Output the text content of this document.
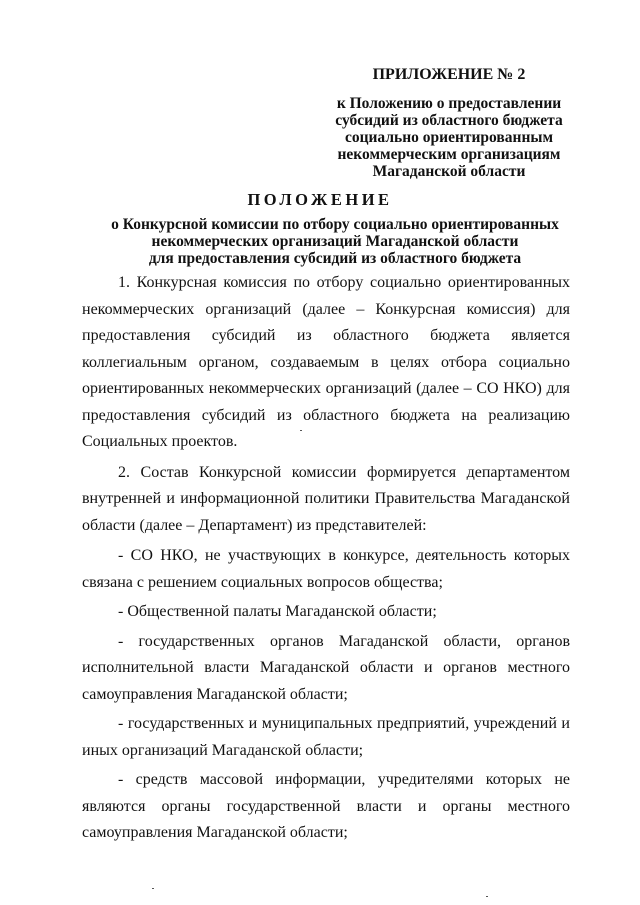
ПРИЛОЖЕНИЕ № 2
к Положению о предоставлении
субсидий из областного бюджета
социально ориентированным
некоммерческим организациям
Магаданской области
ПОЛОЖЕНИЕ
о Конкурсной комиссии по отбору социально ориентированных
некоммерческих организаций Магаданской области
для предоставления субсидий из областного бюджета

1. Конкурсная комиссия по отбору социально ориентированных некоммерческих организаций (далее – Конкурсная комиссия) для предоставления субсидий из областного бюджета является коллегиальным органом, создаваемым в целях отбора социально ориентированных некоммерческих организаций (далее – СО НКО) для предоставления субсидий из областного бюджета на реализацию Социальных проектов.

2. Состав Конкурсной комиссии формируется департаментом внутренней и информационной политики Правительства Магаданской области (далее – Департамент) из представителей:

- СО НКО, не участвующих в конкурсе, деятельность которых связана с решением социальных вопросов общества;

- Общественной палаты Магаданской области;

- государственных органов Магаданской области, органов исполнительной власти Магаданской области и органов местного самоуправления Магаданской области;

- государственных и муниципальных предприятий, учреждений и иных организаций Магаданской области;

- средств массовой информации, учредителями которых не являются органы государственной власти и органы местного самоуправления Магаданской области;
